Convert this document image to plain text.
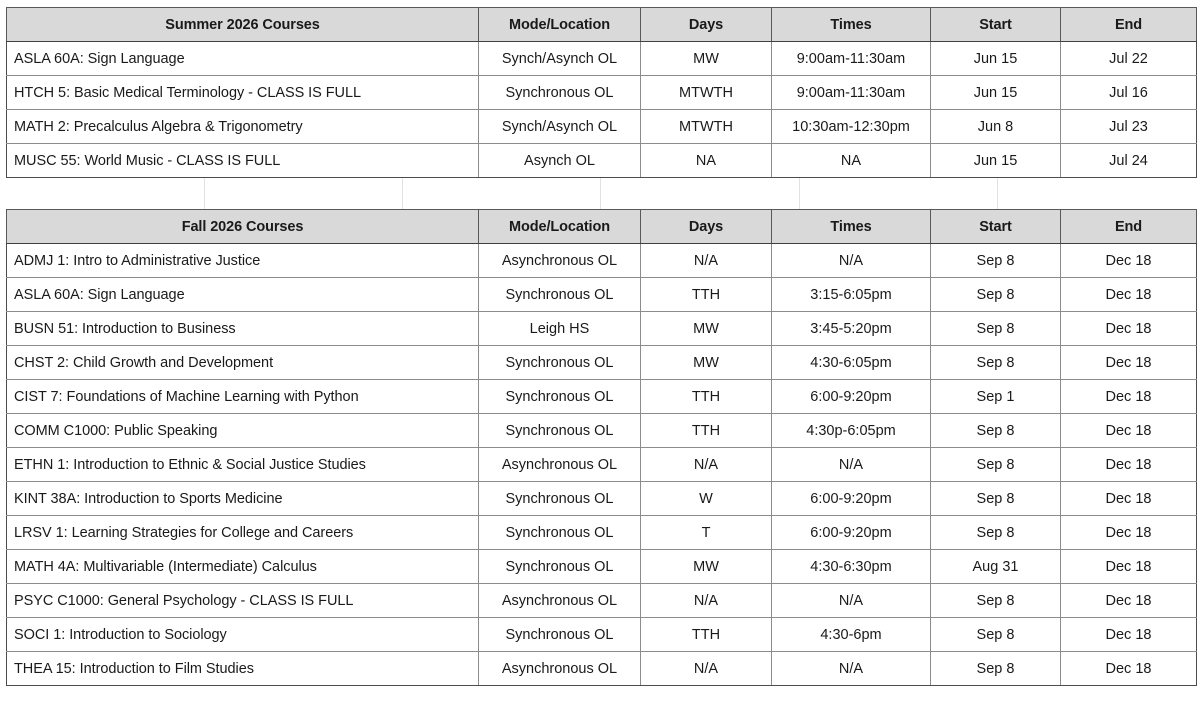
Summer 2026 Courses	Mode/Location	Days	Times	Start	End
ASLA 60A: Sign Language	Synch/Asynch OL	MW	9:00am-11:30am	Jun 15	Jul 22
HTCH 5: Basic Medical Terminology - CLASS IS FULL	Synchronous OL	MTWTH	9:00am-11:30am	Jun 15	Jul 16
MATH 2: Precalculus Algebra & Trigonometry	Synch/Asynch OL	MTWTH	10:30am-12:30pm	Jun 8	Jul 23
MUSC 55: World Music - CLASS IS FULL	Asynch OL	NA	NA	Jun 15	Jul 24

Fall 2026 Courses	Mode/Location	Days	Times	Start	End
ADMJ 1: Intro to Administrative Justice	Asynchronous OL	N/A	N/A	Sep 8	Dec 18
ASLA 60A: Sign Language	Synchronous OL	TTH	3:15-6:05pm	Sep 8	Dec 18
BUSN 51: Introduction to Business	Leigh HS	MW	3:45-5:20pm	Sep 8	Dec 18
CHST 2: Child Growth and Development	Synchronous OL	MW	4:30-6:05pm	Sep 8	Dec 18
CIST 7: Foundations of Machine Learning with Python	Synchronous OL	TTH	6:00-9:20pm	Sep 1	Dec 18
COMM C1000: Public Speaking	Synchronous OL	TTH	4:30p-6:05pm	Sep 8	Dec 18
ETHN 1: Introduction to Ethnic & Social Justice Studies	Asynchronous OL	N/A	N/A	Sep 8	Dec 18
KINT 38A: Introduction to Sports Medicine	Synchronous OL	W	6:00-9:20pm	Sep 8	Dec 18
LRSV 1: Learning Strategies for College and Careers	Synchronous OL	T	6:00-9:20pm	Sep 8	Dec 18
MATH 4A: Multivariable (Intermediate) Calculus	Synchronous OL	MW	4:30-6:30pm	Aug 31	Dec 18
PSYC C1000: General Psychology - CLASS IS FULL	Asynchronous OL	N/A	N/A	Sep 8	Dec 18
SOCI 1: Introduction to Sociology	Synchronous OL	TTH	4:30-6pm	Sep 8	Dec 18
THEA 15: Introduction to Film Studies	Asynchronous OL	N/A	N/A	Sep 8	Dec 18
